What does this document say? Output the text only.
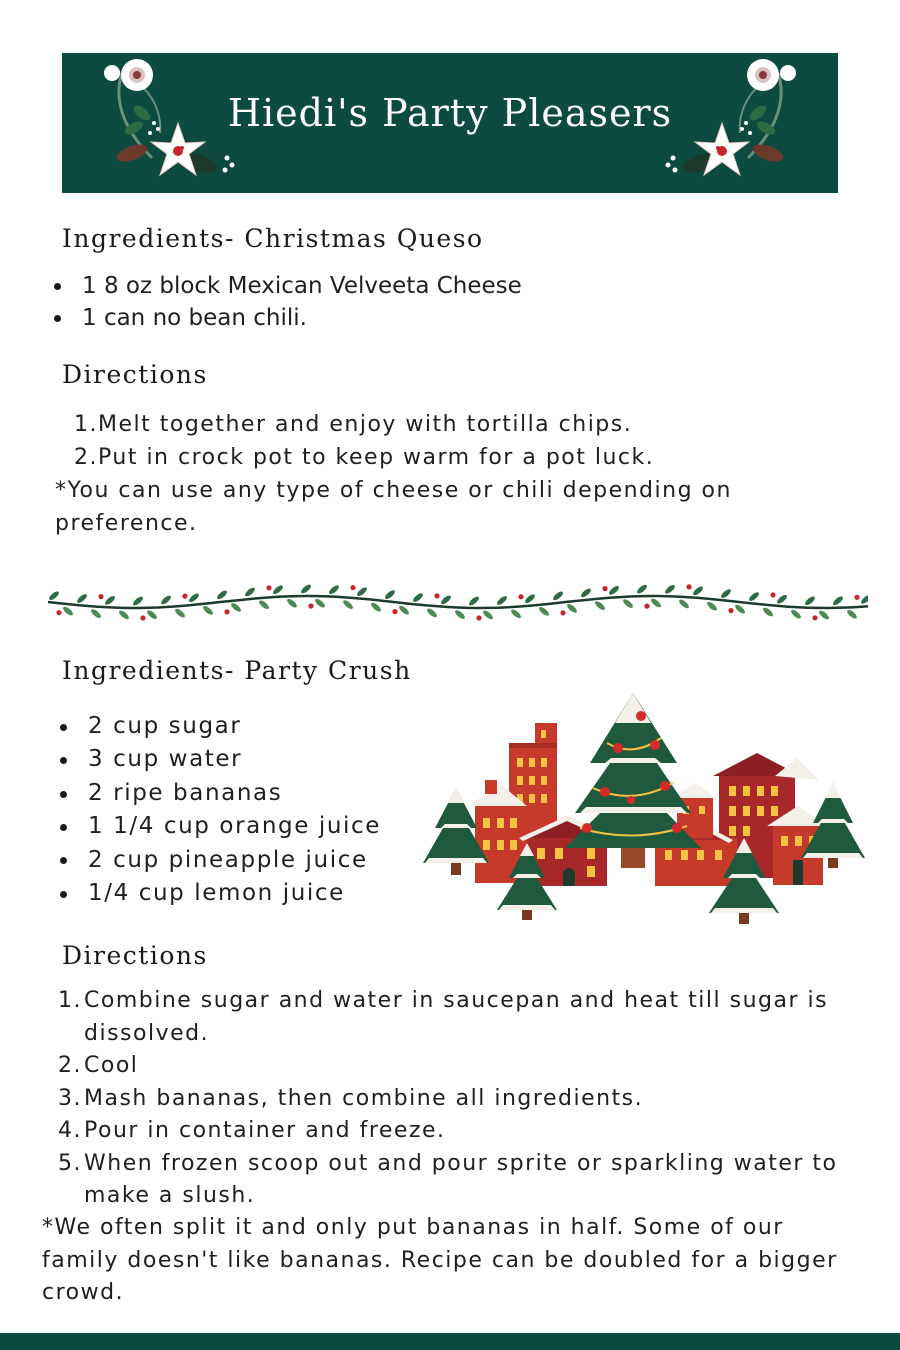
Hiedi's Party Pleasers
Ingredients- Christmas Queso
1 8 oz block Mexican Velveeta Cheese
1 can no bean chili.
Directions
1. Melt together and enjoy with tortilla chips.
2. Put in crock pot to keep warm for a pot luck.

*You can use any type of cheese or chili depending on preference.

Ingredients- Party Crush
2 cup sugar
3 cup water
2 ripe bananas
1 1/4 cup orange juice
2 cup pineapple juice
1/4 cup lemon juice
Directions
1. Combine sugar and water in saucepan and heat till sugar is dissolved.
2. Cool
3. Mash bananas, then combine all ingredients.
4. Pour in container and freeze.
5. When frozen scoop out and pour sprite or sparkling water to make a slush.

*We often split it and only put bananas in half. Some of our family doesn't like bananas. Recipe can be doubled for a bigger crowd.
